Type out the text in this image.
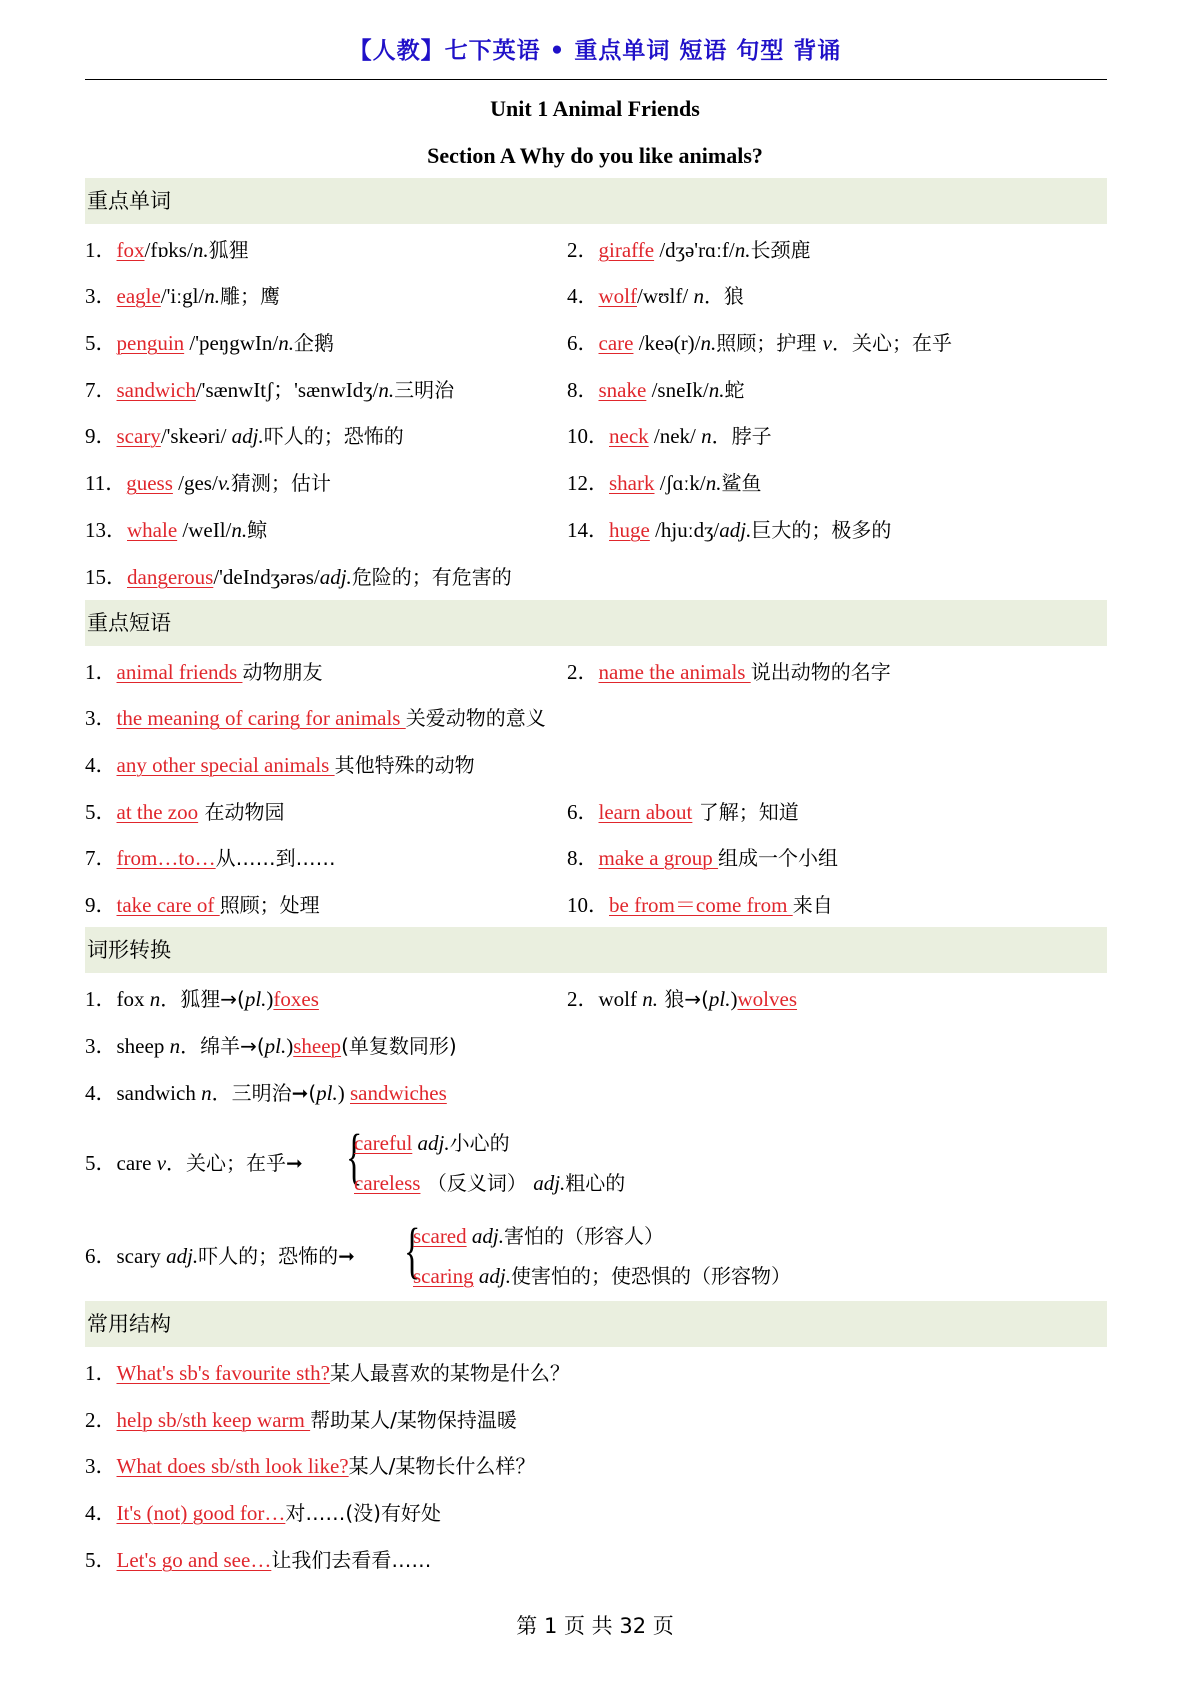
【人教】七下英语 • 重点单词 短语 句型 背诵
Unit 1 Animal Friends
Section A Why do you like animals?
重点单词
1．fox/fɒks/n.狐狸	2．giraffe /dʒə'rɑːf/n.长颈鹿
3．eagle/'iːgl/n.雕；鹰	4．wolf/wʊlf/ n．狼
5．penguin /'peŋgwIn/n.企鹅	6．care /keə(r)/n.照顾；护理 v．关心；在乎
7．sandwich/'sænwItʃ；'sænwIdʒ/n.三明治	8．snake /sneIk/n.蛇
9．scary/'skeəri/ adj.吓人的；恐怖的	10．neck /nek/ n．脖子
11．guess /ges/v.猜测；估计	12．shark /ʃɑːk/n.鲨鱼
13．whale /weIl/n.鲸	14．huge /hjuːdʒ/adj.巨大的；极多的
15．dangerous/'deIndʒərəs/adj.危险的；有危害的
重点短语
1．animal friends 动物朋友	2．name the animals 说出动物的名字
3．the meaning of caring for animals 关爱动物的意义
4．any other special animals 其他特殊的动物
5．at the zoo 在动物园	6．learn about 了解；知道
7．from…to…从……到……	8．make a group 组成一个小组
9．take care of 照顾；处理	10．be from＝come from 来自
词形转换
1．fox n．狐狸→(pl.)foxes	2．wolf n. 狼→(pl.)wolves
3．sheep n．绵羊→(pl.)sheep(单复数同形)
4．sandwich n．三明治➞(pl.) sandwiches
5．care v．关心；在乎➞ {
careful adj.小心的
careless （反义词） adj.粗心的
6．scary adj.吓人的；恐怖的➞ {
scared adj.害怕的（形容人）
scaring adj.使害怕的；使恐惧的（形容物）
常用结构
1．What's sb's favourite sth?某人最喜欢的某物是什么？
2．help sb/sth keep warm 帮助某人/某物保持温暖
3．What does sb/sth look like?某人/某物长什么样？
4．It's (not) good for…对……(没)有好处
5．Let's go and see…让我们去看看……
第 1 页 共 32 页
